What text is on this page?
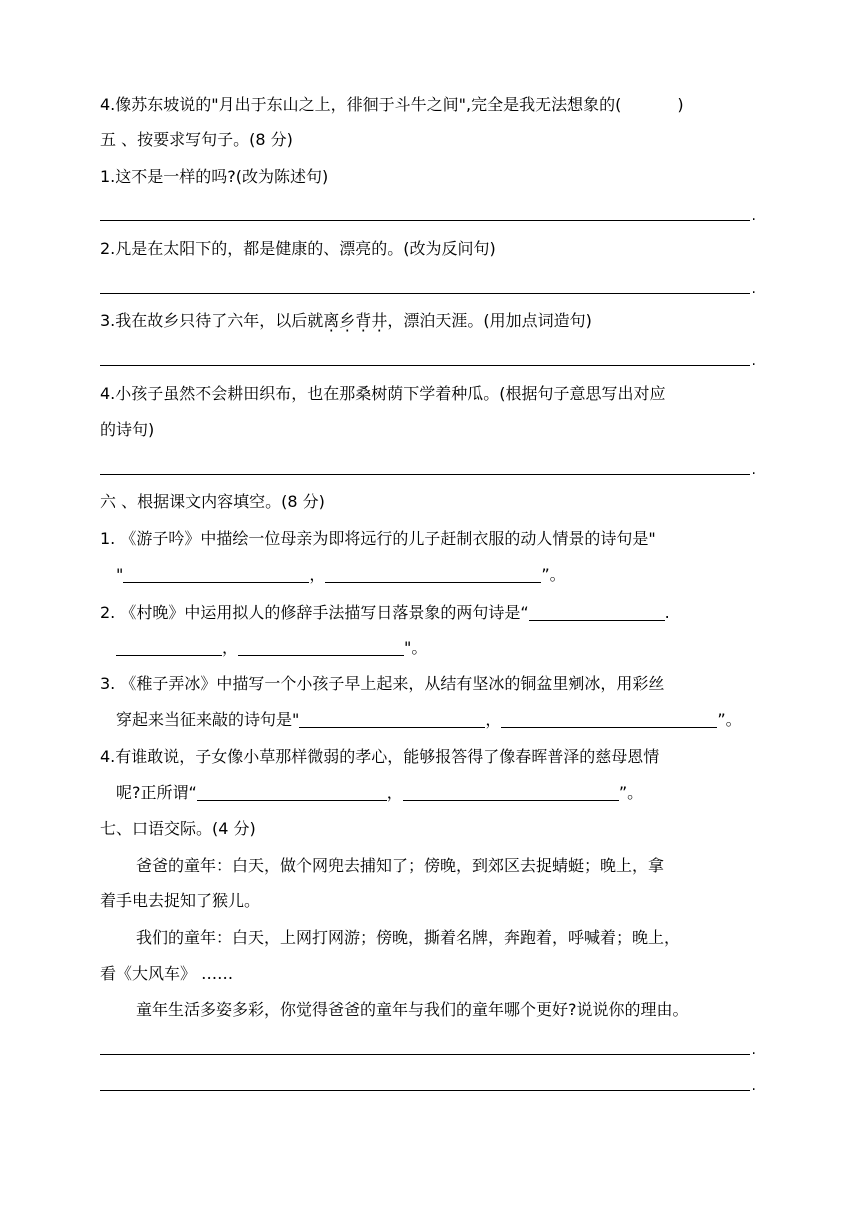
4.像苏东坡说的"月出于东山之上，徘徊于斗牛之间",完全是我无法想象的(	)
五 、按要求写句子。(8 分)
1.这不是一样的吗?(改为陈述句)
.
2.凡是在太阳下的，都是健康的、漂亮的。(改为反问句)
.
3.我在故乡只待了六年，以后就离乡背井，漂泊天涯。(用加点词造句)
.
4.小孩子虽然不会耕田织布，也在那桑树荫下学着种瓜。(根据句子意思写出对应
的诗句)
.
六 、根据课文内容填空。(8 分)
1. 《游子吟》中描绘一位母亲为即将远行的儿子赶制衣服的动人情景的诗句是"
"	，	”。
2. 《村晚》中运用拟人的修辞手法描写日落景象的两句诗是“	.
，	"。
3. 《稚子弄冰》中描写一个小孩子早上起来，从结有坚冰的铜盆里剜冰，用彩丝
穿起来当征来敲的诗句是"	，	”。
4.有谁敢说，子女像小草那样微弱的孝心，能够报答得了像春晖普泽的慈母恩情
呢?正所谓“	，	”。
七、口语交际。(4 分)
爸爸的童年：白天，做个网兜去捕知了；傍晚，到郊区去捉蜻蜓；晚上，拿
着手电去捉知了猴儿。
我们的童年：白天，上网打网游；傍晚，撕着名牌，奔跑着，呼喊着；晚上，
看《大风车》 ……
童年生活多姿多彩，你觉得爸爸的童年与我们的童年哪个更好?说说你的理由。
.
.
